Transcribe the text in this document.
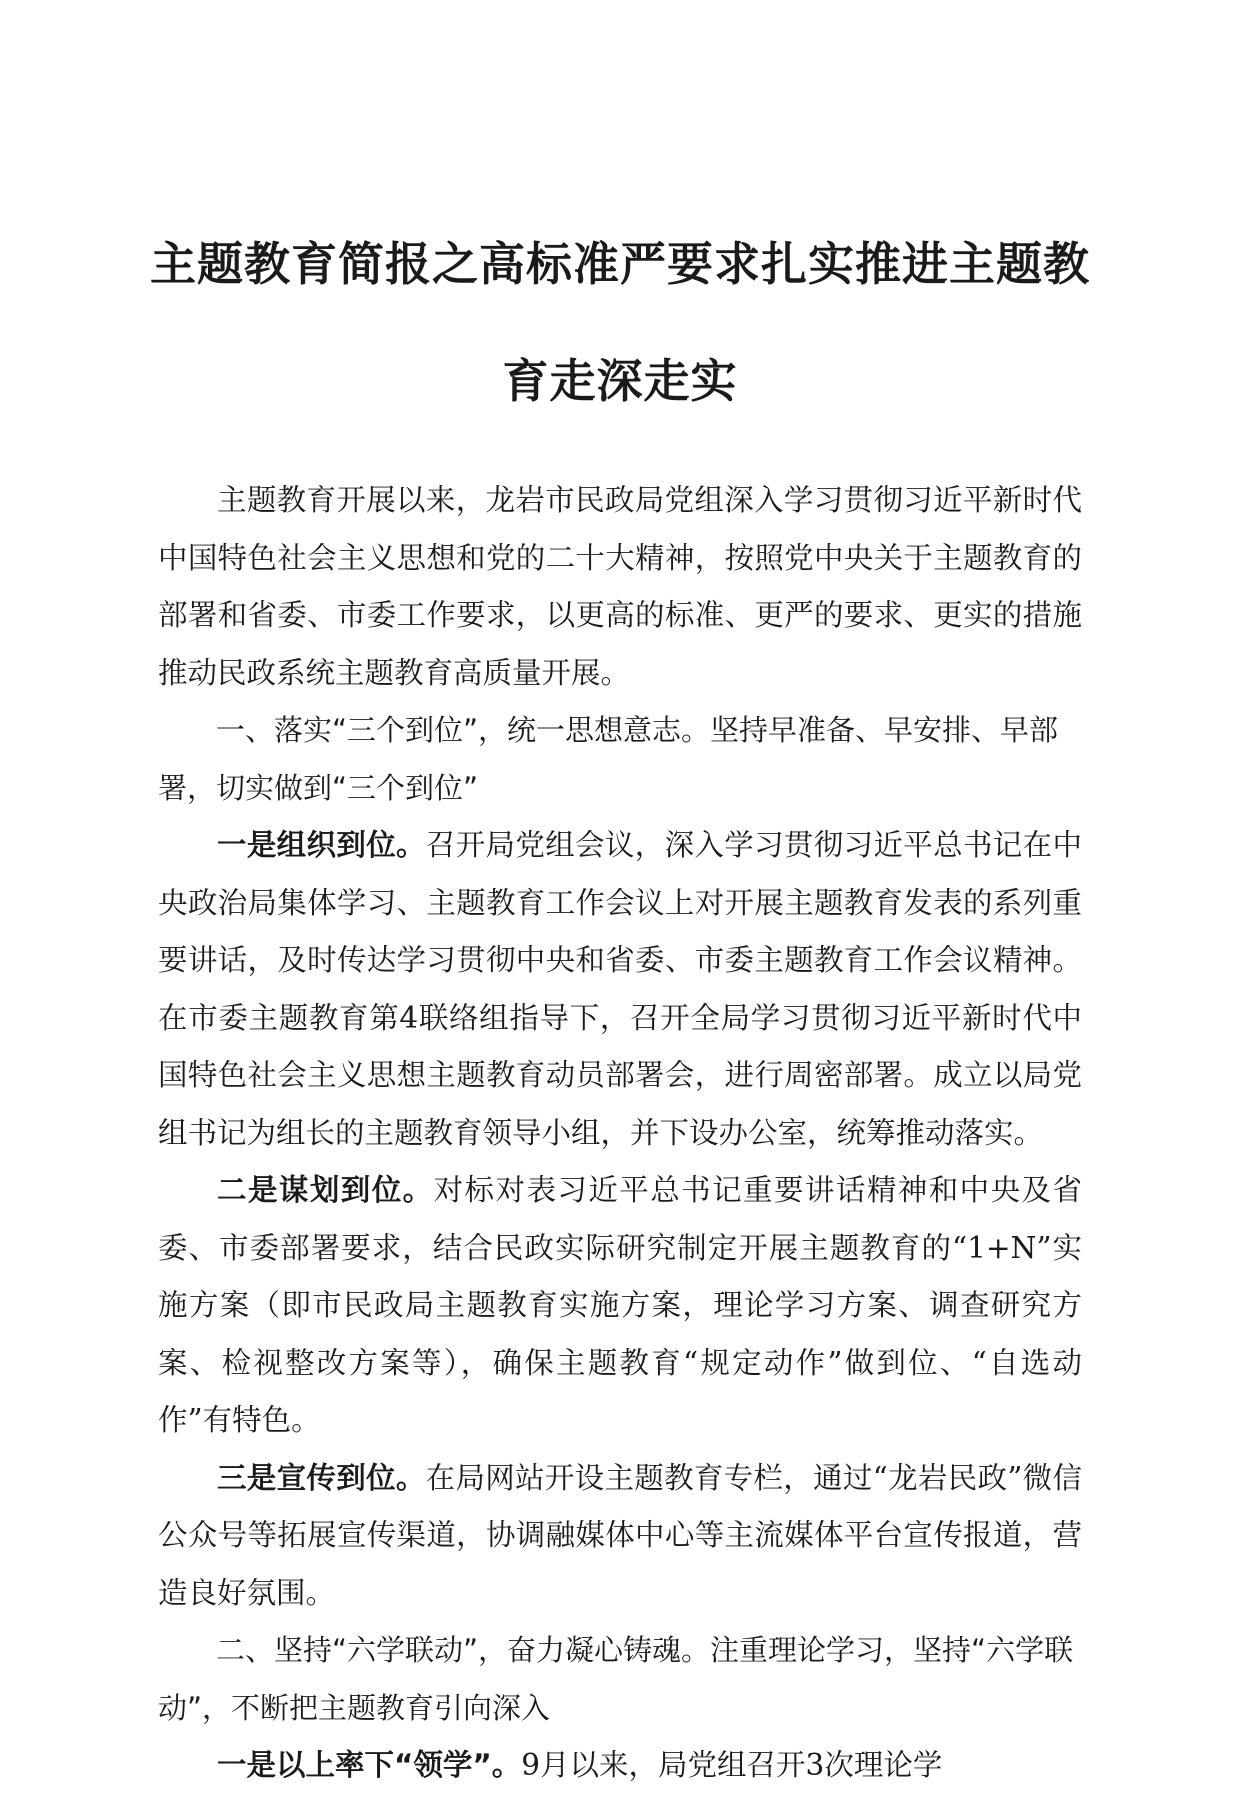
主题教育简报之高标准严要求扎实推进主题教
育走深走实

主题教育开展以来，龙岩市民政局党组深入学习贯彻习近平新时代中国特色社会主义思想和党的二十大精神，按照党中央关于主题教育的部署和省委、市委工作要求，以更高的标准、更严的要求、更实的措施推动民政系统主题教育高质量开展。

一、落实“三个到位”，统一思想意志。坚持早准备、早安排、早部署，切实做到“三个到位”

一是组织到位。召开局党组会议，深入学习贯彻习近平总书记在中央政治局集体学习、主题教育工作会议上对开展主题教育发表的系列重要讲话，及时传达学习贯彻中央和省委、市委主题教育工作会议精神。在市委主题教育第4联络组指导下，召开全局学习贯彻习近平新时代中国特色社会主义思想主题教育动员部署会，进行周密部署。成立以局党组书记为组长的主题教育领导小组，并下设办公室，统筹推动落实。

二是谋划到位。对标对表习近平总书记重要讲话精神和中央及省委、市委部署要求，结合民政实际研究制定开展主题教育的“1+N”实施方案（即市民政局主题教育实施方案，理论学习方案、调查研究方案、检视整改方案等），确保主题教育“规定动作”做到位、“自选动作”有特色。

三是宣传到位。在局网站开设主题教育专栏，通过“龙岩民政”微信公众号等拓展宣传渠道，协调融媒体中心等主流媒体平台宣传报道，营造良好氛围。

二、坚持“六学联动”，奋力凝心铸魂。注重理论学习，坚持“六学联动”，不断把主题教育引向深入

一是以上率下“领学”。9月以来，局党组召开3次理论学
